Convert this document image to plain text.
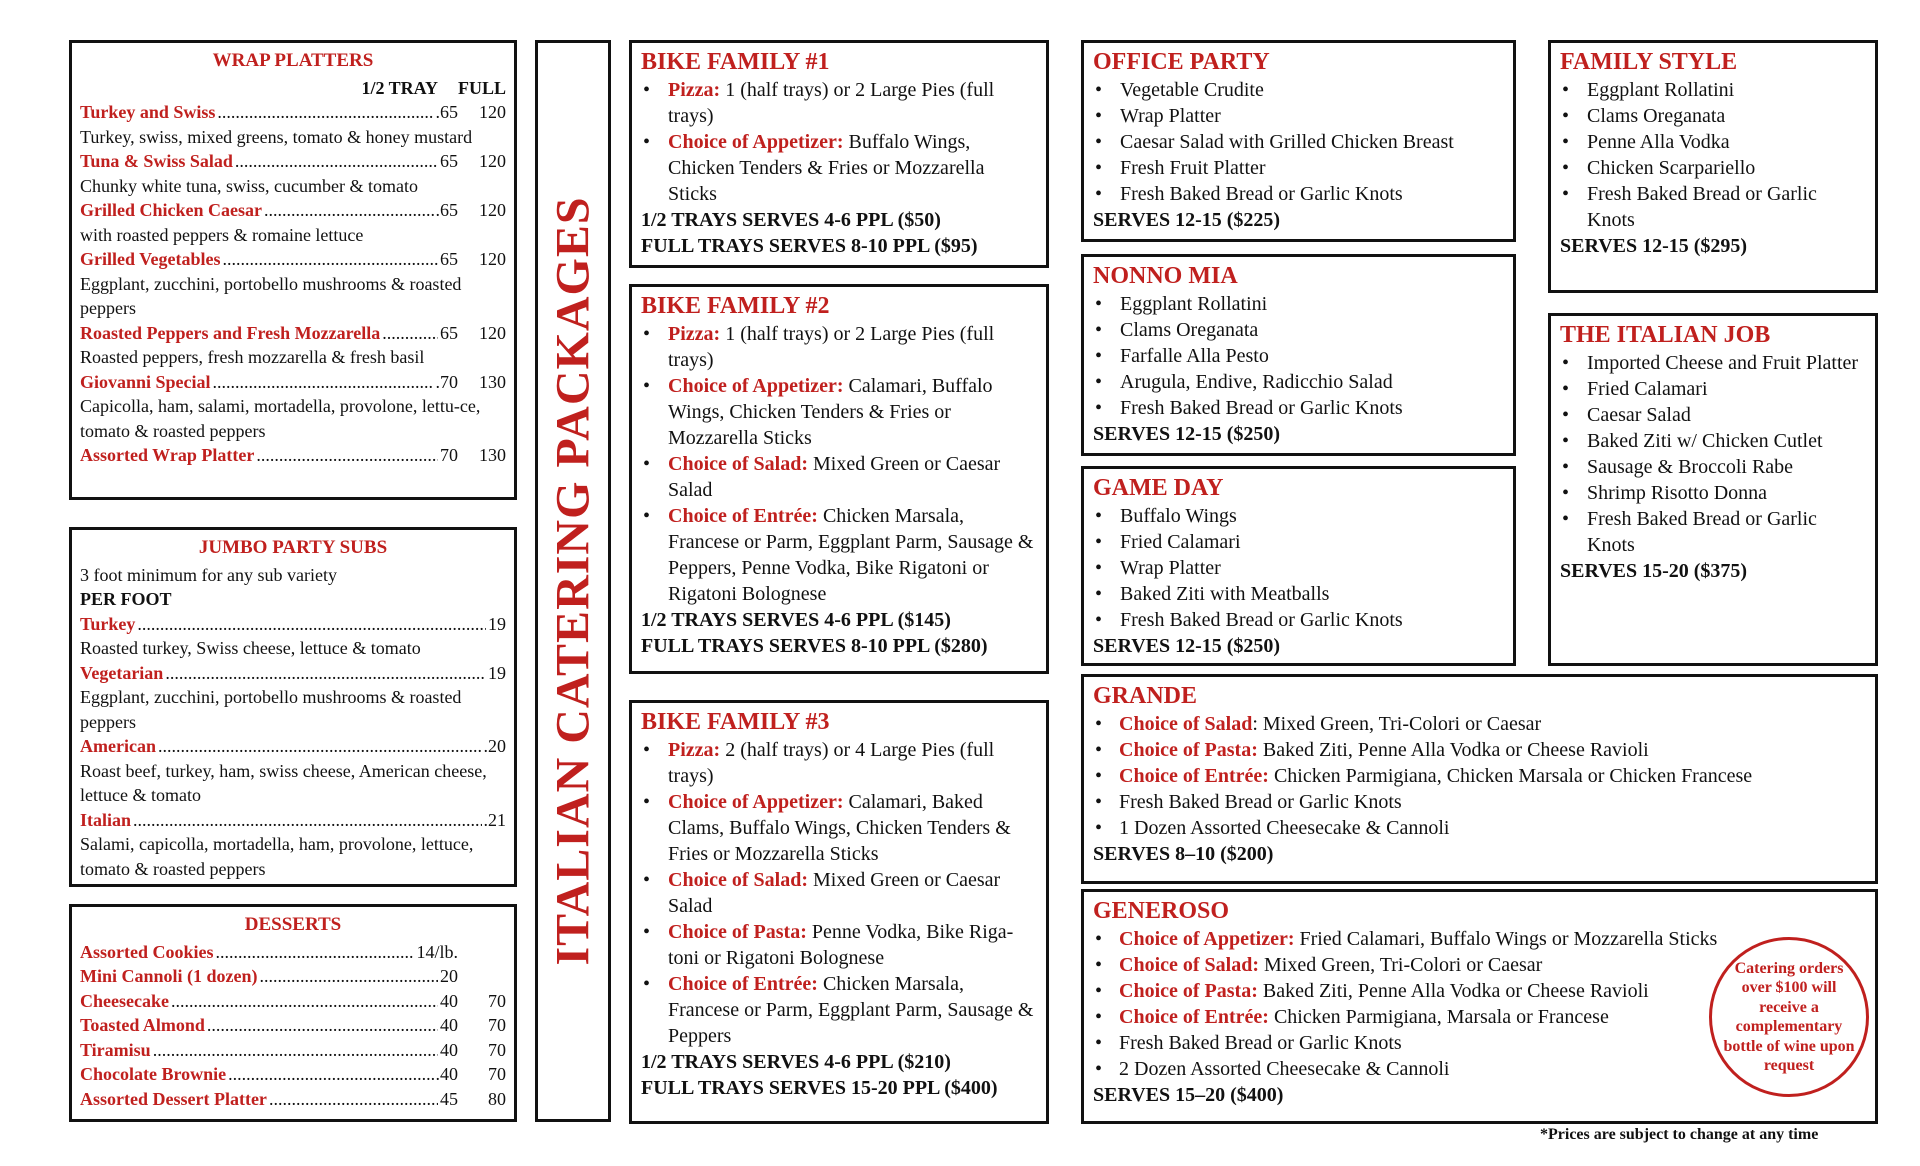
WRAP PLATTERS
1/2 TRAY FULL
Turkey and Swiss .....	.65	120
Turkey, swiss, mixed greens, tomato & honey mustard
Tuna & Swiss Salad .....	65	120
Chunky white tuna, swiss, cucumber & tomato
Grilled Chicken Caesar .....	.65	120
with roasted peppers & romaine lettuce
Grilled Vegetables .....	65	120
Eggplant, zucchini, portobello mushrooms & roasted peppers
Roasted Peppers and Fresh Mozzarella .....	65	120
Roasted peppers, fresh mozzarella & fresh basil
Giovanni Special .....	.70	130
Capicolla, ham, salami, mortadella, provolone, lettu-ce, tomato & roasted peppers
Assorted Wrap Platter .....	70	130
JUMBO PARTY SUBS
3 foot minimum for any sub variety
PER FOOT
Turkey .....	19
Roasted turkey, Swiss cheese, lettuce & tomato
Vegetarian .....	19
Eggplant, zucchini, portobello mushrooms & roasted peppers
American .....	.20
Roast beef, turkey, ham, swiss cheese, American cheese, lettuce & tomato
Italian .....	.21
Salami, capicolla, mortadella, ham, provolone, lettuce, tomato & roasted peppers
DESSERTS
Assorted Cookies .....	14/lb.
Mini Cannoli (1 dozen) .....	20
Cheesecake .....	40	70
Toasted Almond .....	40	70
Tiramisu .....	40	70
Chocolate Brownie .....	.40	70
Assorted Dessert Platter .....	45	80
ITALIAN CATERING PACKAGES
BIKE FAMILY #1
• Pizza: 1 (half trays) or 2 Large Pies (full trays)
• Choice of Appetizer: Buffalo Wings, Chicken Tenders & Fries or Mozzarella Sticks
1/2 TRAYS SERVES 4-6 PPL ($50)
FULL TRAYS SERVES 8-10 PPL ($95)
BIKE FAMILY #2
• Pizza: 1 (half trays) or 2 Large Pies (full trays)
• Choice of Appetizer: Calamari, Buffalo Wings, Chicken Tenders & Fries or Mozzarella Sticks
• Choice of Salad: Mixed Green or Caesar Salad
• Choice of Entrée: Chicken Marsala, Francese or Parm, Eggplant Parm, Sausage & Peppers, Penne Vodka, Bike Rigatoni or Rigatoni Bolognese
1/2 TRAYS SERVES 4-6 PPL ($145)
FULL TRAYS SERVES 8-10 PPL ($280)
BIKE FAMILY #3
• Pizza: 2 (half trays) or 4 Large Pies (full trays)
• Choice of Appetizer: Calamari, Baked Clams, Buffalo Wings, Chicken Tenders & Fries or Mozzarella Sticks
• Choice of Salad: Mixed Green or Caesar Salad
• Choice of Pasta: Penne Vodka, Bike Riga-toni or Rigatoni Bolognese
• Choice of Entrée: Chicken Marsala, Francese or Parm, Eggplant Parm, Sausage & Peppers
1/2 TRAYS SERVES 4-6 PPL ($210)
FULL TRAYS SERVES 15-20 PPL ($400)
OFFICE PARTY
• Vegetable Crudite
• Wrap Platter
• Caesar Salad with Grilled Chicken Breast
• Fresh Fruit Platter
• Fresh Baked Bread or Garlic Knots
SERVES 12-15 ($225)
NONNO MIA
• Eggplant Rollatini
• Clams Oreganata
• Farfalle Alla Pesto
• Arugula, Endive, Radicchio Salad
• Fresh Baked Bread or Garlic Knots
SERVES 12-15 ($250)
GAME DAY
• Buffalo Wings
• Fried Calamari
• Wrap Platter
• Baked Ziti with Meatballs
• Fresh Baked Bread or Garlic Knots
SERVES 12-15 ($250)
FAMILY STYLE
• Eggplant Rollatini
• Clams Oreganata
• Penne Alla Vodka
• Chicken Scarpariello
• Fresh Baked Bread or Garlic Knots
SERVES 12-15 ($295)
THE ITALIAN JOB
• Imported Cheese and Fruit Platter
• Fried Calamari
• Caesar Salad
• Baked Ziti w/ Chicken Cutlet
• Sausage & Broccoli Rabe
• Shrimp Risotto Donna
• Fresh Baked Bread or Garlic Knots
SERVES 15-20 ($375)
GRANDE
• Choice of Salad: Mixed Green, Tri-Colori or Caesar
• Choice of Pasta: Baked Ziti, Penne Alla Vodka or Cheese Ravioli
• Choice of Entrée: Chicken Parmigiana, Chicken Marsala or Chicken Francese
• Fresh Baked Bread or Garlic Knots
• 1 Dozen Assorted Cheesecake & Cannoli
SERVES 8–10 ($200)
GENEROSO
• Choice of Appetizer: Fried Calamari, Buffalo Wings or Mozzarella Sticks
• Choice of Salad: Mixed Green, Tri-Colori or Caesar
• Choice of Pasta: Baked Ziti, Penne Alla Vodka or Cheese Ravioli
• Choice of Entrée: Chicken Parmigiana, Marsala or Francese
• Fresh Baked Bread or Garlic Knots
• 2 Dozen Assorted Cheesecake & Cannoli
SERVES 15–20 ($400)
Catering orders over $100 will receive a complementary bottle of wine upon request
*Prices are subject to change at any time
